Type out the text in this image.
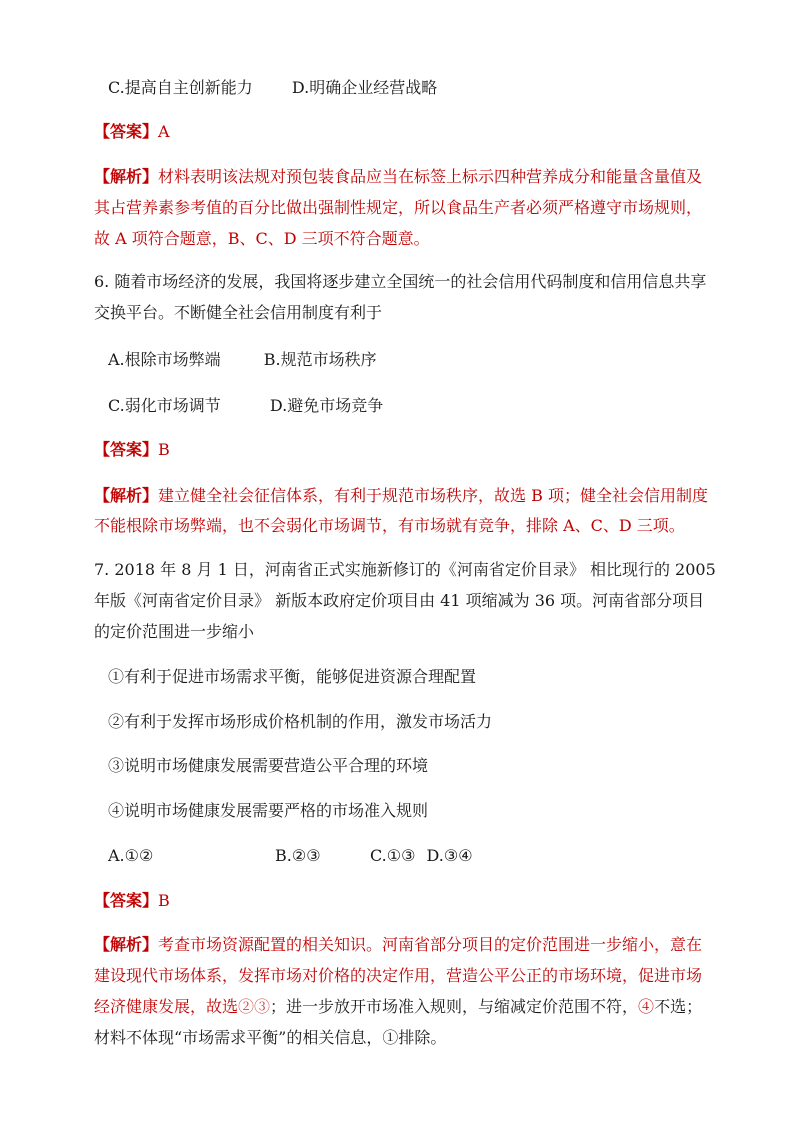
C.提高自主创新能力 D.明确企业经营战略
【答案】A
【解析】材料表明该法规对预包装食品应当在标签上标示四种营养成分和能量含量值及
其占营养素参考值的百分比做出强制性规定，所以食品生产者必须严格遵守市场规则，
故 A 项符合题意，B、C、D 三项不符合题意。
6. 随着市场经济的发展，我国将逐步建立全国统一的社会信用代码制度和信用信息共享
交换平台。不断健全社会信用制度有利于
A.根除市场弊端	B.规范市场秩序
C.弱化市场调节	D.避免市场竞争
【答案】B
【解析】建立健全社会征信体系，有利于规范市场秩序，故选 B 项；健全社会信用制度
不能根除市场弊端，也不会弱化市场调节，有市场就有竞争，排除 A、C、D 三项。
7. 2018 年 8 月 1 日，河南省正式实施新修订的《河南省定价目录》 相比现行的 2005
年版《河南省定价目录》 新版本政府定价项目由 41 项缩减为 36 项。河南省部分项目
的定价范围进一步缩小
①有利于促进市场需求平衡，能够促进资源合理配置
②有利于发挥市场形成价格机制的作用，激发市场活力
③说明市场健康发展需要营造公平合理的环境
④说明市场健康发展需要严格的市场准入规则
A.①②	B.②③	C.①③ D.③④
【答案】B
【解析】考查市场资源配置的相关知识。河南省部分项目的定价范围进一步缩小，意在
建设现代市场体系，发挥市场对价格的决定作用，营造公平公正的市场环境，促进市场
经济健康发展，故选②③；进一步放开市场准入规则，与缩减定价范围不符，④不选；
材料不体现“市场需求平衡”的相关信息，①排除。
